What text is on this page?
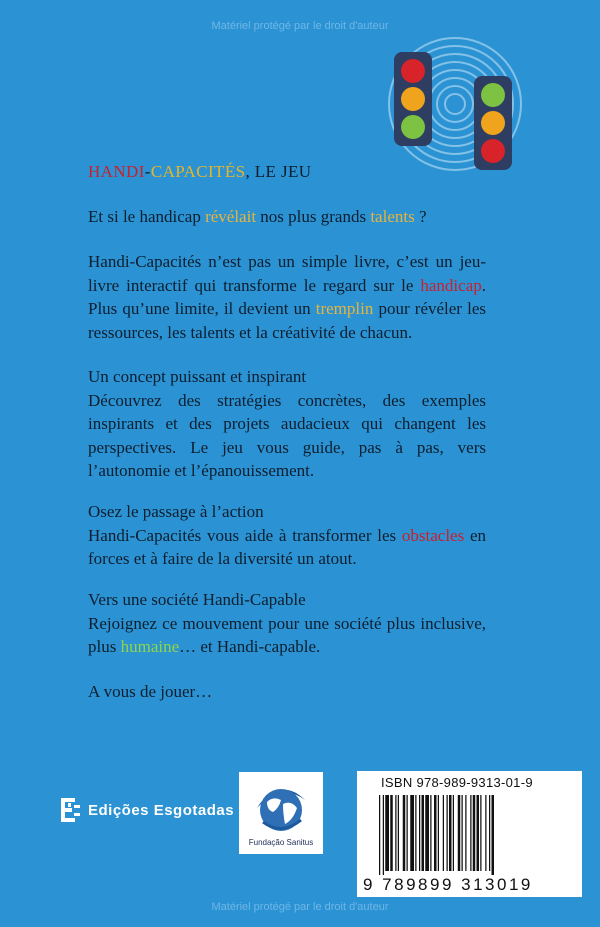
Matériel protégé par le droit d'auteur
HANDI-CAPACITÉS, LE JEU
Et si le handicap révélait nos plus grands talents ?
Handi-Capacités n’est pas un simple livre, c’est un jeu-livre interactif qui transforme le regard sur le handicap. Plus qu’une limite, il devient un tremplin pour révéler les ressources, les talents et la créativité de chacun.
Un concept puissant et inspirant
Découvrez des stratégies concrètes, des exemples inspirants et des projets audacieux qui changent les perspectives. Le jeu vous guide, pas à pas, vers l’autonomie et l’épanouissement.
Osez le passage à l’action
Handi-Capacités vous aide à transformer les obstacles en forces et à faire de la diversité un atout.
Vers une société Handi-Capable
Rejoignez ce mouvement pour une société plus inclusive, plus humaine… et Handi-capable.
A vous de jouer…
Edições Esgotadas
Fundação Sanitus
ISBN 978-989-9313-01-9
9 789899 313019
Matériel protégé par le droit d'auteur
